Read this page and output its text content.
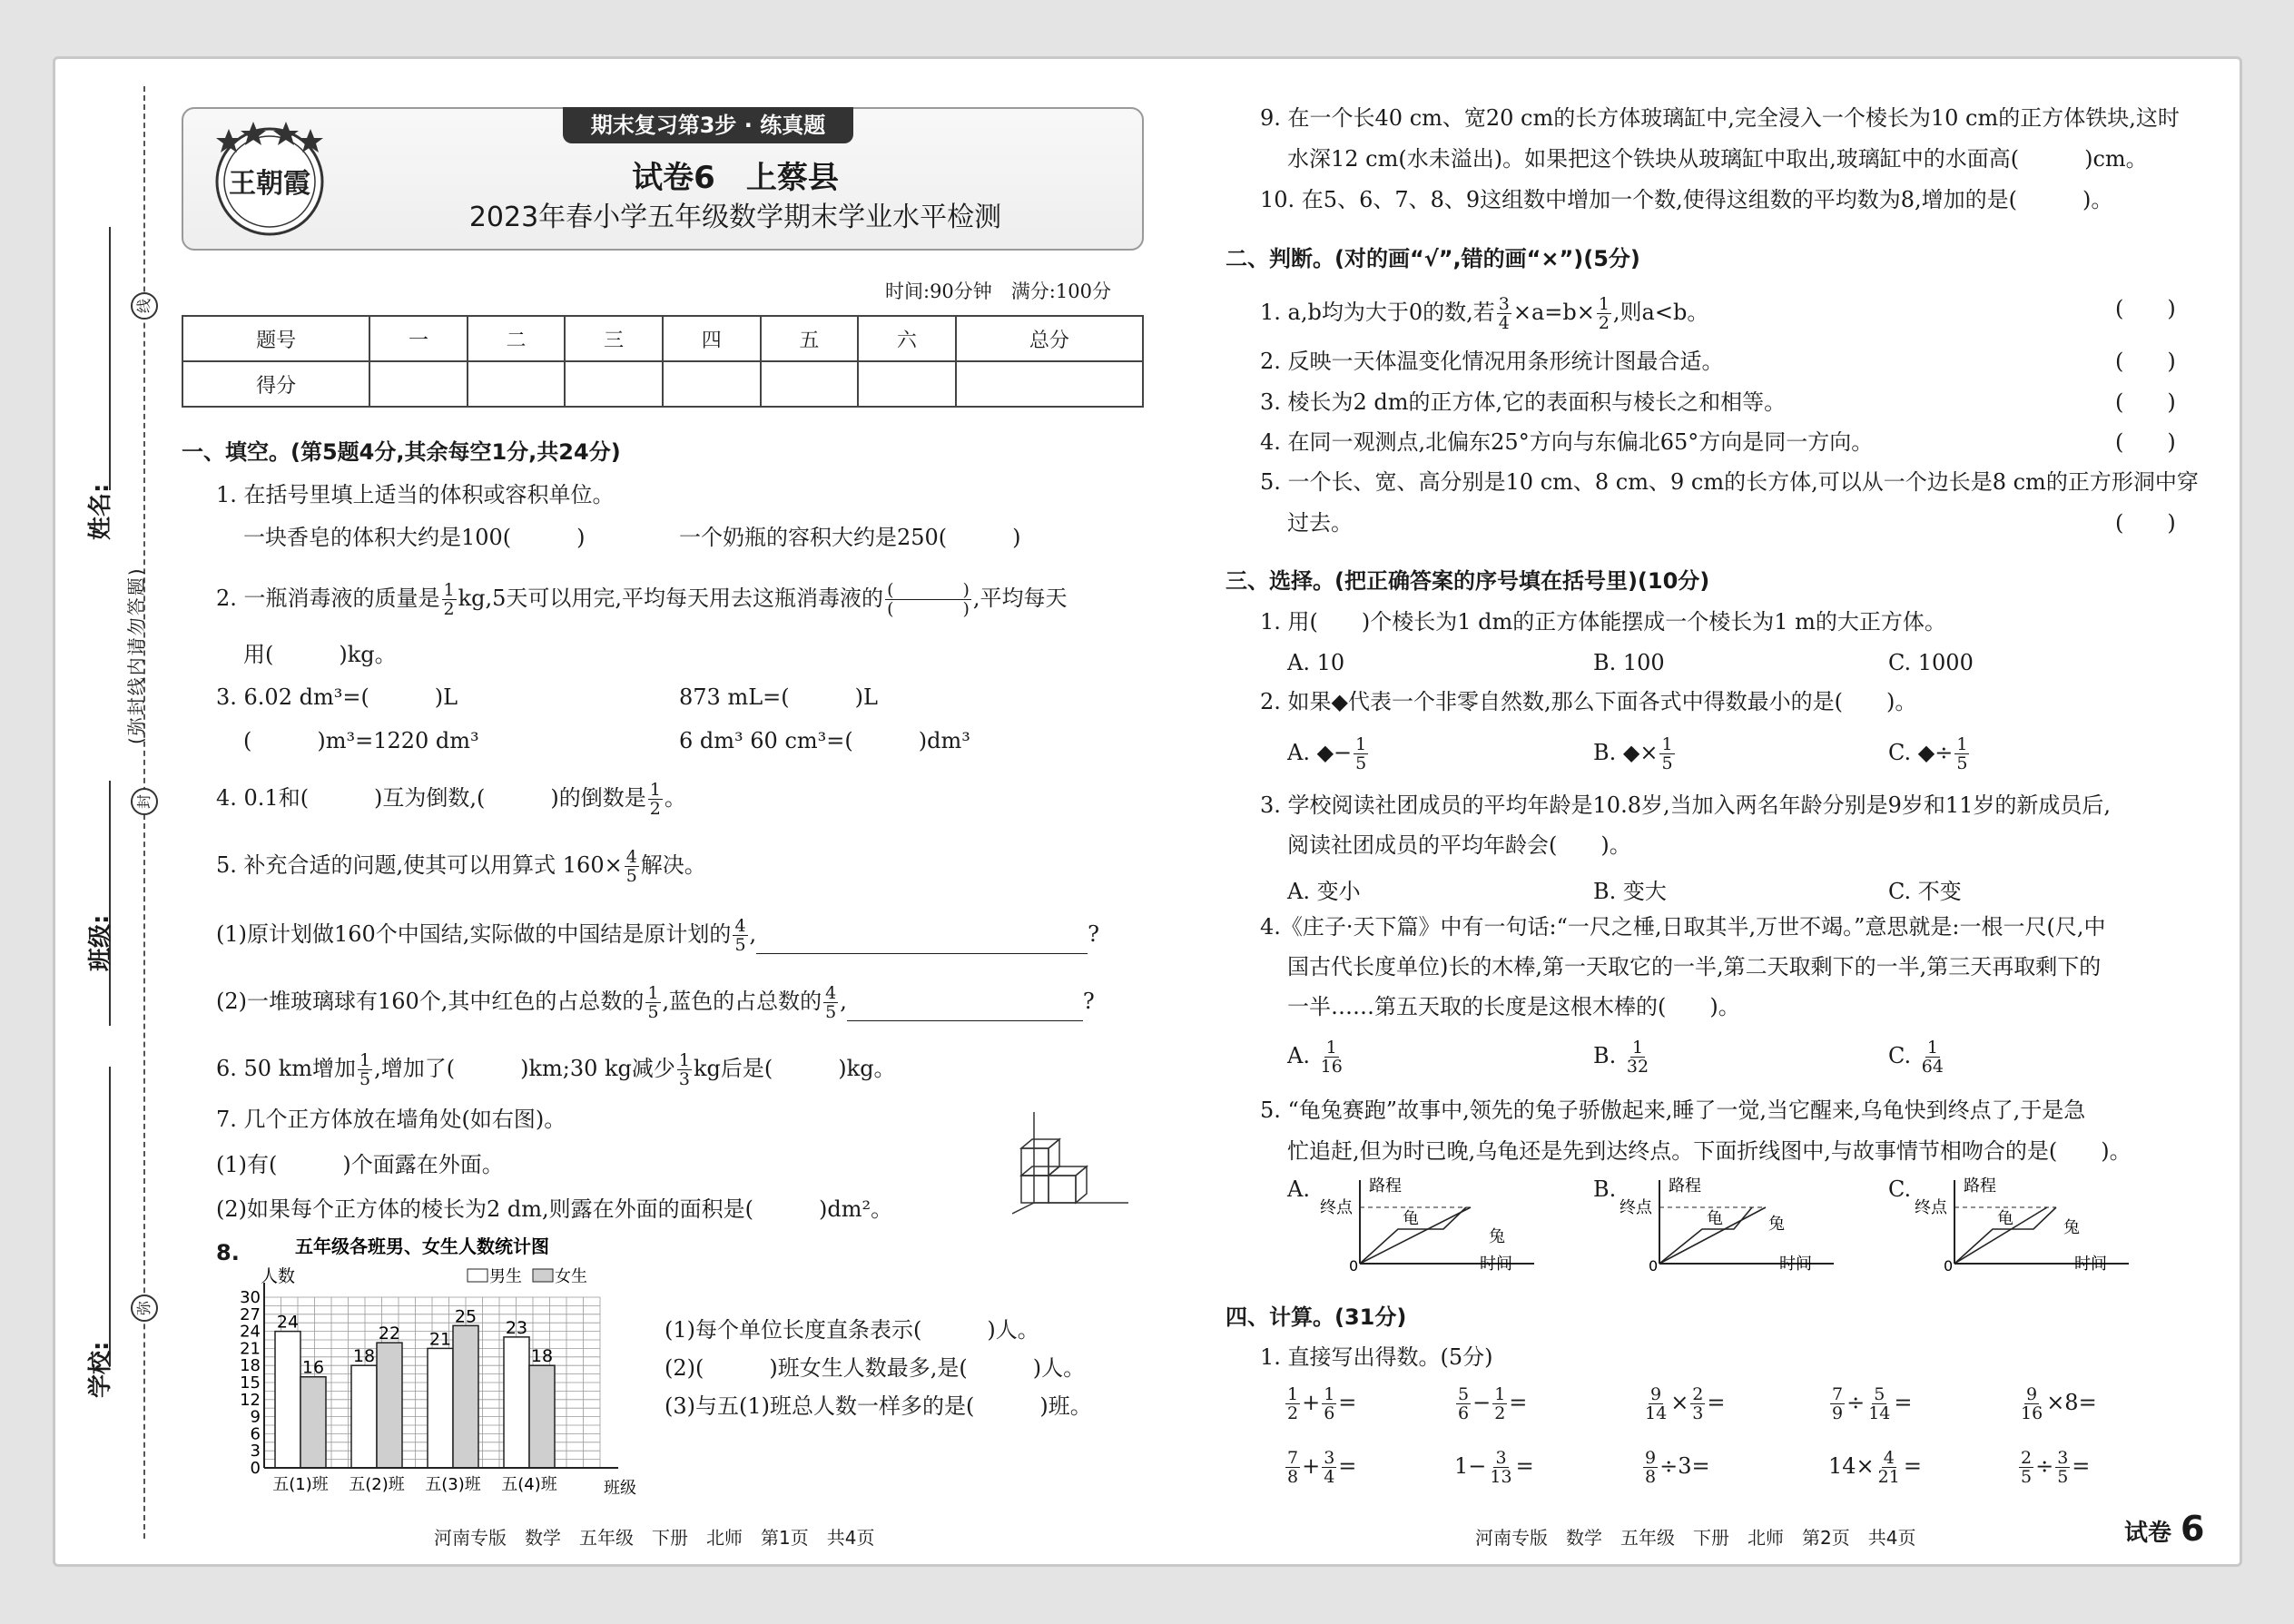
学校:
班级:
姓名:
(弥封线内请勿答题)
线
封
弥
期末复习第3步 · 练真题
王朝霞	试卷6　上蔡县
2023年春小学五年级数学期末学业水平检测
时间:90分钟　满分:100分
题号	一	二	三	四	五	六	总分
得分							
一、填空。(第5题4分,其余每空1分,共24分)
1. 在括号里填上适当的体积或容积单位。
一块香皂的体积大约是100(　　　)	一个奶瓶的容积大约是250(　　　)
2. 一瓶消毒液的质量是 $\frac{1}{2} kg,5$天可以用完,平均每天用去这瓶消毒液的 $\frac{( )}{( )}$ ,平均每天
用(　　　)kg。
3. 6.02 dm³=(　　　)L	873 mL=(　　　)L
(　　　)m³=1220 dm³	6 dm³ 60 cm³=(　　　)dm³
4. 0.1和(　　　)互为倒数,(　　　)的倒数是 $\frac{1}{2}$ 。
5. 补充合适的问题,使其可以用算式 $160\times \frac{4}{5}$ 解决。
(1)原计划做160个中国结,实际做的中国结是原计划的 $\frac{4}{5}$ ,	?
(2)一堆玻璃球有160个,其中红色的占总数的 $\frac{1}{5}$ ,蓝色的占总数的 $\frac{4}{5}$ ,	?
6. 50 km增加 $\frac{1}{5}$ ,增加了(　　　)km;30 kg减少 $\frac{1}{3}$ kg后是(　　　)kg。
7. 几个正方体放在墙角处(如右图)。
(1)有(　　　)个面露在外面。
(2)如果每个正方体的棱长为2 dm,则露在外面的面积是(　　　)dm²。
8.	五年级各班男、女生人数统计图
人数	男生 女生
24
16
18
22 21
25
23
18
0
3
6
9
12
15
18
21
24
27
30
五(1)班 五(2)班 五(3)班 五(4)班	班级
(1)每个单位长度直条表示(　　　)人。
(2)(　　　)班女生人数最多,是(　　　)人。
(3)与五(1)班总人数一样多的是(　　　)班。
河南专版　数学　五年级　下册　北师　第1页　共4页
9. 在一个长40 cm、宽20 cm的长方体玻璃缸中,完全浸入一个棱长为10 cm的正方体铁块,这时
水深12 cm(水未溢出)。如果把这个铁块从玻璃缸中取出,玻璃缸中的水面高(　　　)cm。
10. 在5、6、7、8、9这组数中增加一个数,使得这组数的平均数为8,增加的是(　　　)。
二、判断。(对的画“√”,错的画“×”)(5分)
1. a,b均为大于0的数,若 $\frac{3}{4} \times a=b\times \frac{1}{2}$ ,则a<b。	(　　)
2. 反映一天体温变化情况用条形统计图最合适。	(　　)
3. 棱长为2 dm的正方体,它的表面积与棱长之和相等。	(　　)
4. 在同一观测点,北偏东25°方向与东偏北65°方向是同一方向。	(　　)
5. 一个长、宽、高分别是10 cm、8 cm、9 cm的长方体,可以从一个边长是8 cm的正方形洞中穿
过去。	(　　)
三、选择。(把正确答案的序号填在括号里)(10分)
1. 用(　　)个棱长为1 dm的正方体能摆成一个棱长为1 m的大正方体。
A. 10	B. 100	C. 1000
2. 如果◆代表一个非零自然数,那么下面各式中得数最小的是(　　)。
A. ◆− $\frac{1}{5}$	B. ◆× $\frac{1}{5}$	C. ◆÷ $\frac{1}{5}$
3. 学校阅读社团成员的平均年龄是10.8岁,当加入两名年龄分别是9岁和11岁的新成员后,
阅读社团成员的平均年龄会(　　)。
A. 变小	B. 变大	C. 不变
4.《庄子·天下篇》中有一句话:“一尺之棰,日取其半,万世不竭。”意思就是:一根一尺(尺,中
国古代长度单位)长的木棒,第一天取它的一半,第二天取剩下的一半,第三天再取剩下的
一半……第五天取的长度是这根木棒的(　　)。
A. $\frac{1}{16}$	B. $\frac{1}{32}$	C. $\frac{1}{64}$
5. “龟兔赛跑”故事中,领先的兔子骄傲起来,睡了一觉,当它醒来,乌龟快到终点了,于是急
忙追赶,但为时已晚,乌龟还是先到达终点。下面折线图中,与故事情节相吻合的是(　　)。
A.	B.	C.
路程
终点
龟
兔
时间
0
路程
终点
龟	兔
时间
0
路程
终点
龟	兔
时间
0
四、计算。(31分)
1. 直接写出得数。(5分)
$\frac{1}{2} + \frac{1}{6}$ =	$\frac{5}{6} - \frac{1}{2}$ =	$\frac{9}{14} \times \frac{2}{3}$ =	$\frac{7}{9} \div \frac{5}{14}$ =	$\frac{9}{16} \times 8=$
$\frac{7}{8} + \frac{3}{4}$ =	$1- \frac{3}{13}$ =	$\frac{9}{8} \div 3=$	$14\times \frac{4}{21}$ =	$\frac{2}{5} \div \frac{3}{5}$ =
河南专版　数学　五年级　下册　北师　第2页　共4页	试卷 6
